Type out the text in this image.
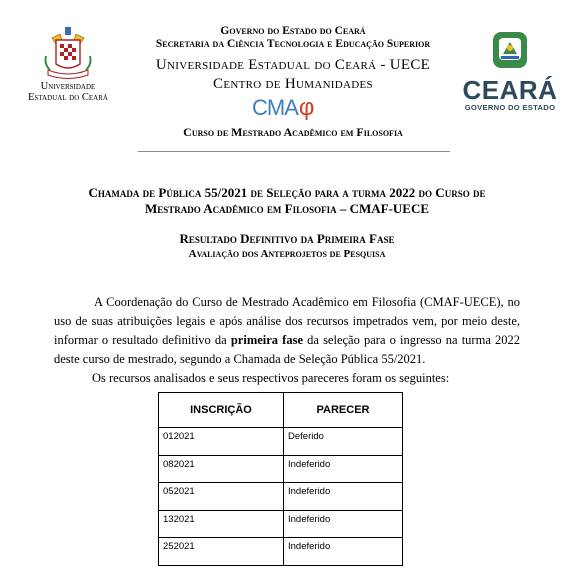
Universidade
Estadual do Ceará	CEARÁ
GOVERNO DO ESTADO
Governo do Estado do Ceará
Secretaria da Ciência Tecnologia e Educação Superior
Universidade Estadual do Ceará - UECE
Centro de Humanidades
CMAφ
Curso de Mestrado Acadêmico em Filosofia
Chamada de Pública 55/2021 de Seleção para a turma 2022 do Curso de
Mestrado Acadêmico em Filosofia – CMAF-UECE
Resultado Definitivo da Primeira Fase
Avaliação dos Anteprojetos de Pesquisa
A Coordenação do Curso de Mestrado Acadêmico em Filosofia (CMAF-UECE), no
uso de suas atribuições legais e após análise dos recursos impetrados vem, por meio deste,
informar o resultado definitivo da primeira fase da seleção para o ingresso na turma 2022
deste curso de mestrado, segundo a Chamada de Seleção Pública 55/2021.
Os recursos analisados e seus respectivos pareceres foram os seguintes:
INSCRIÇÃO	PARECER
012021	Deferido
082021	Indeferido
052021	Indeferido
132021	Indeferido
252021	Indeferido
